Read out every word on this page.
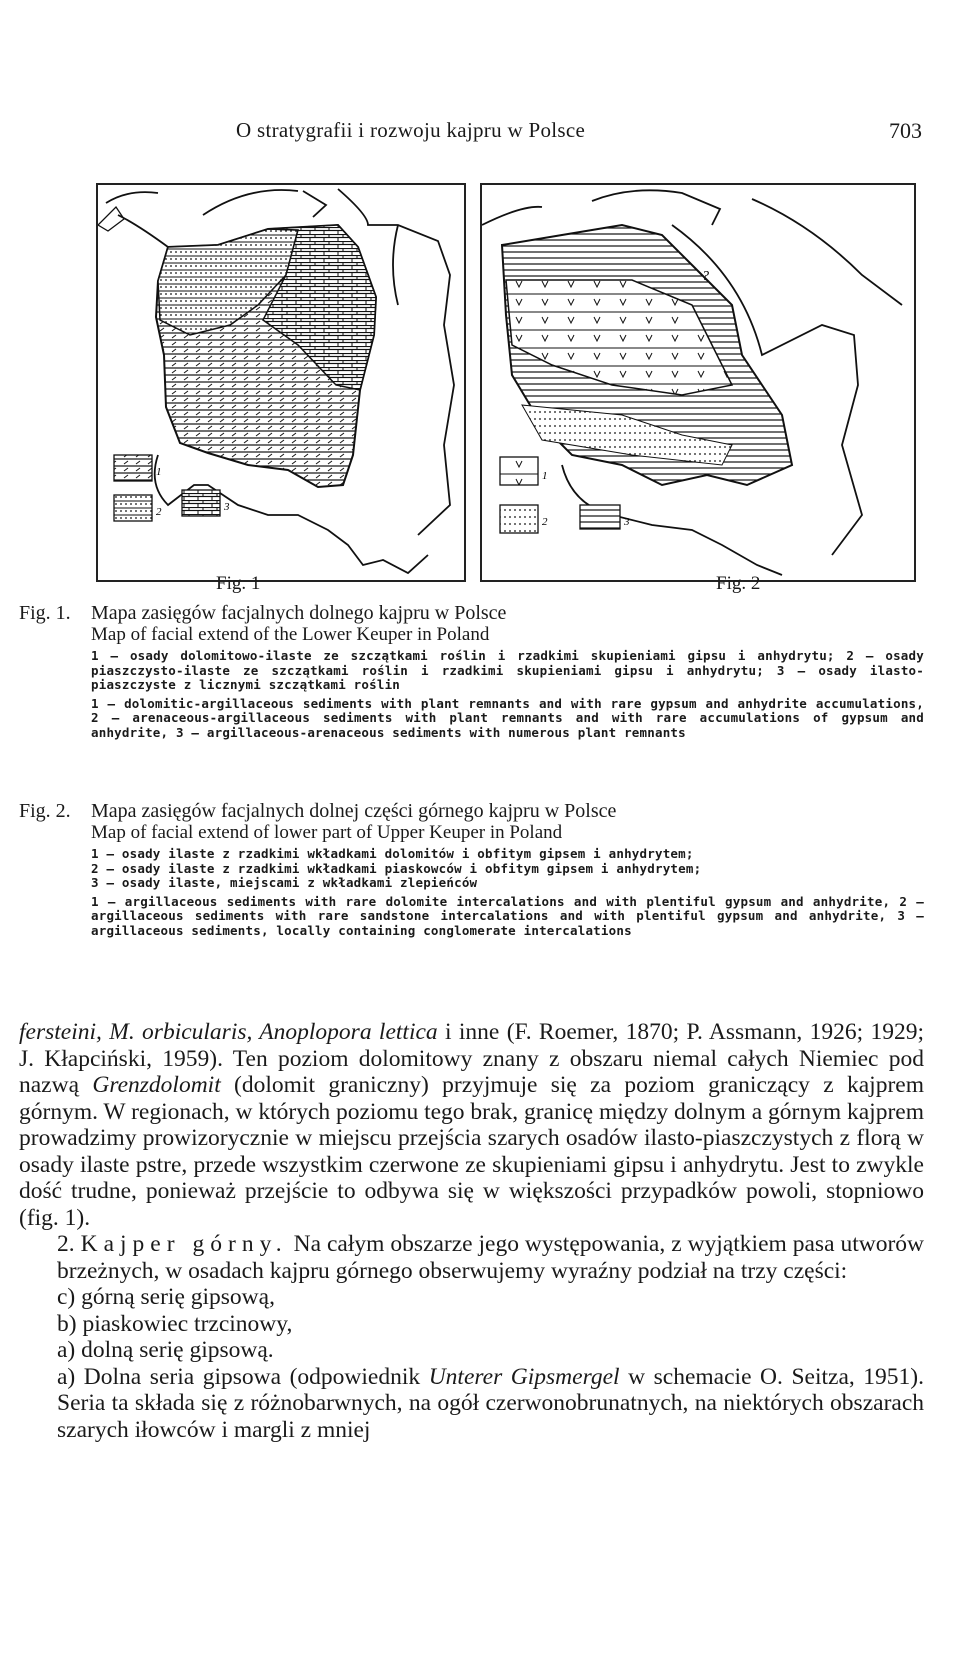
O stratygrafii i rozwoju kajpru w Polsce	703
1
2	3
Fig. 1
1
2	3
?
Fig. 2
Fig. 1.	Mapa zasięgów facjalnych dolnego kajpru w Polsce
Map of facial extend of the Lower Keuper in Poland

1 — osady dolomitowo-ilaste ze szczątkami roślin i rzadkimi skupieniami gipsu i anhydrytu; 2 — osady piaszczysto-ilaste ze szczątkami roślin i rzadkimi skupieniami gipsu i anhydrytu; 3 — osady ilasto-piaszczyste z licznymi szczątkami roślin

1 — dolomitic-argillaceous sediments with plant remnants and with rare gypsum and anhydrite accumulations, 2 — arenaceous-argillaceous sediments with plant remnants and with rare accumulations of gypsum and anhydrite, 3 — argillaceous-arenaceous sediments with numerous plant remnants

Fig. 2.	Mapa zasięgów facjalnych dolnej części górnego kajpru w Polsce
Map of facial extend of lower part of Upper Keuper in Poland

1 — osady ilaste z rzadkimi wkładkami dolomitów i obfitym gipsem i anhydrytem;

2 — osady ilaste z rzadkimi wkładkami piaskowców i obfitym gipsem i anhydrytem;

3 — osady ilaste, miejscami z wkładkami zlepieńców

1 — argillaceous sediments with rare dolomite intercalations and with plentiful gypsum and anhydrite, 2 — argillaceous sediments with rare sandstone intercalations and with plentiful gypsum and anhydrite, 3 — argillaceous sediments, locally containing conglomerate intercalations

fersteini, M. orbicularis, Anoplopora lettica i inne (F. Roemer, 1870; P. Assmann, 1926; 1929; J. Kłapciński, 1959). Ten poziom dolomitowy znany z obszaru niemal całych Niemiec pod nazwą Grenzdolomit (dolomit graniczny) przyjmuje się za poziom graniczący z kajprem górnym. W regionach, w których poziomu tego brak, granicę między dolnym a górnym kajprem prowadzimy prowizorycznie w miejscu przejścia szarych osadów ilasto-piaszczystych z florą w osady ilaste pstre, przede wszystkim czerwone ze skupieniami gipsu i anhydrytu. Jest to zwykle dość trudne, ponieważ przejście to odbywa się w większości przypadków powoli, stopniowo (fig. 1).

2. Kajper górny. Na całym obszarze jego występowania, z wyjątkiem pasa utworów brzeżnych, w osadach kajpru górnego obserwujemy wyraźny podział na trzy części:

c) górną serię gipsową,

b) piaskowiec trzcinowy,

a) dolną serię gipsową.

a) Dolna seria gipsowa (odpowiednik Unterer Gipsmergel w schemacie O. Seitza, 1951). Seria ta składa się z różnobarwnych, na ogół czerwonobrunatnych, na niektórych obszarach szarych iłowców i margli z mniej
